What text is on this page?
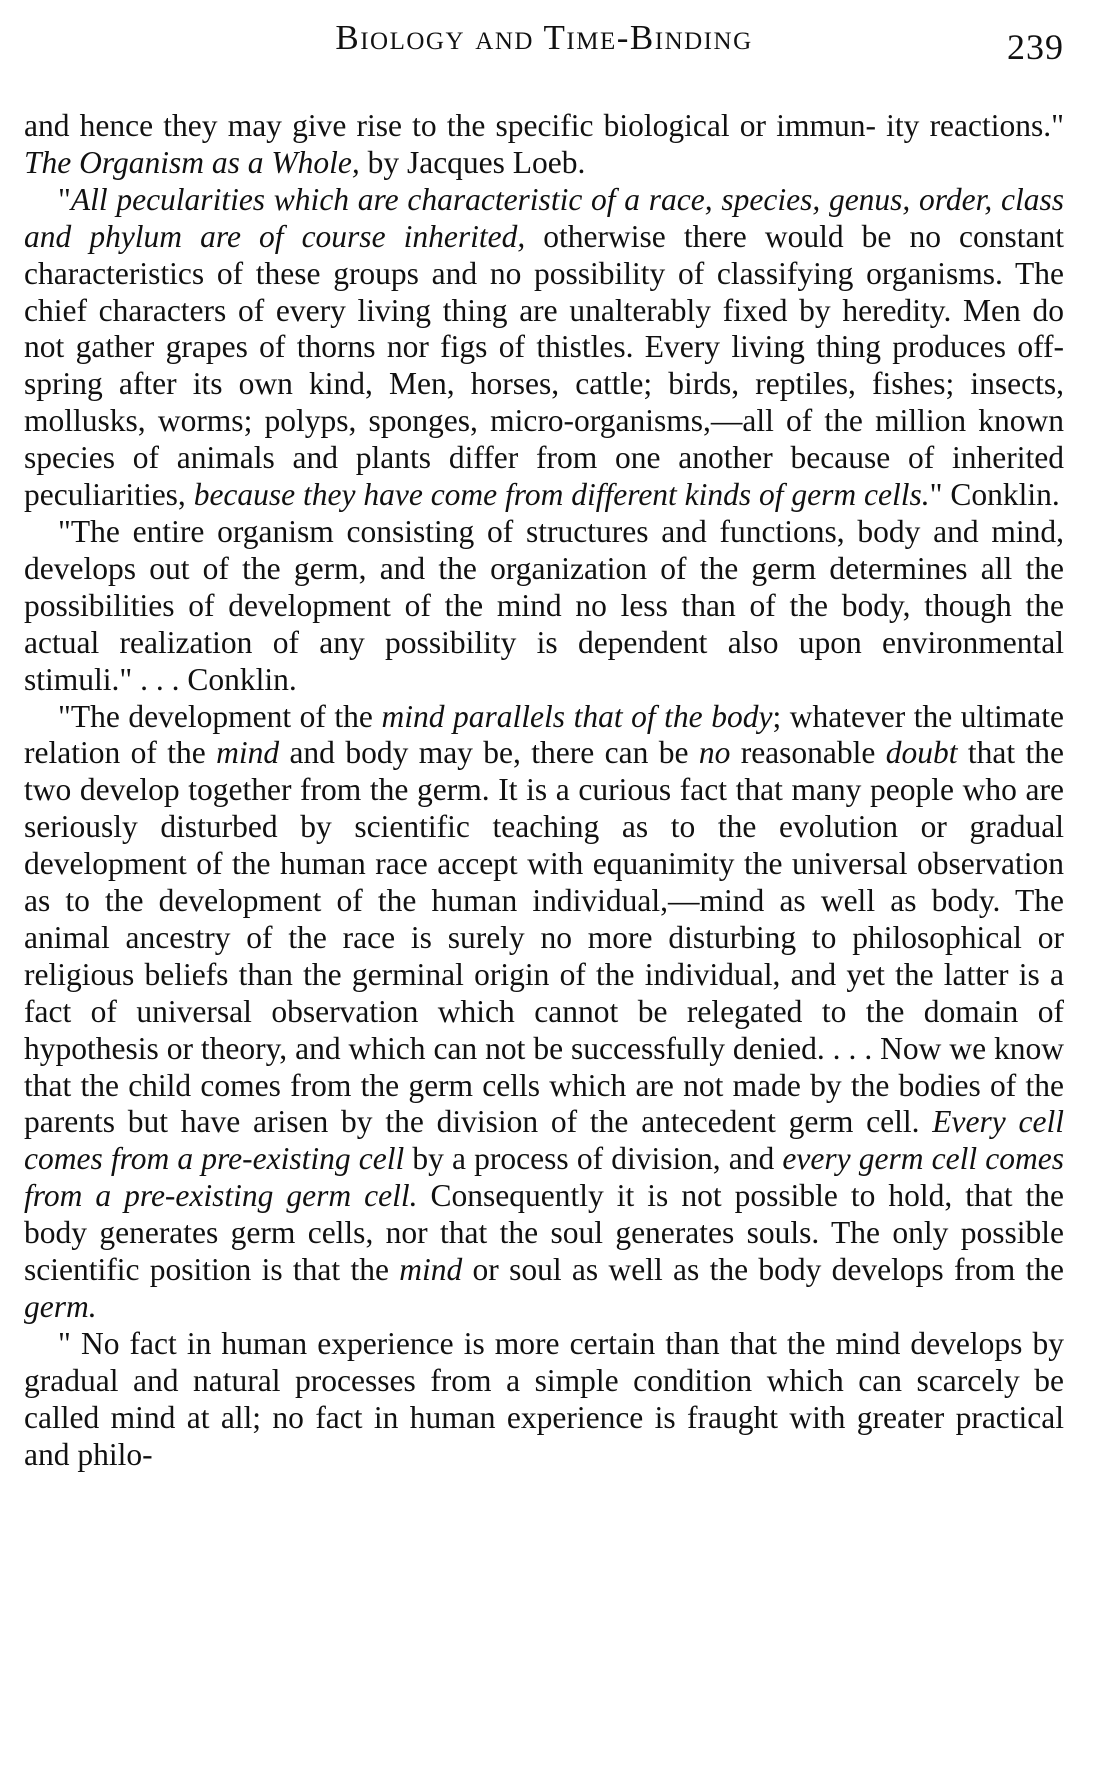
Biology and Time-Binding	239

and hence they may give rise to the specific biological or immun- ity reactions." The Organism as a Whole, by Jacques Loeb.

"All pecularities which are characteristic of a race, species, genus, order, class and phylum are of course inherited, otherwise there would be no constant characteristics of these groups and no possibility of classifying organisms. The chief characters of every living thing are unalterably fixed by heredity. Men do not gather grapes of thorns nor figs of thistles. Every living thing produces off-spring after its own kind, Men, horses, cattle; birds, reptiles, fishes; insects, mollusks, worms; polyps, sponges, micro-organisms,—all of the million known species of animals and plants differ from one another because of inherited peculiarities, because they have come from different kinds of germ cells." Conklin.

"The entire organism consisting of structures and functions, body and mind, develops out of the germ, and the organization of the germ determines all the possibilities of development of the mind no less than of the body, though the actual realization of any possibility is dependent also upon environmental stimuli." . . . Conklin.

"The development of the mind parallels that of the body; whatever the ultimate relation of the mind and body may be, there can be no reasonable doubt that the two develop together from the germ. It is a curious fact that many people who are seriously disturbed by scientific teaching as to the evolution or gradual development of the human race accept with equanimity the universal observation as to the development of the human individual,—mind as well as body. The animal ancestry of the race is surely no more disturbing to philosophical or religious beliefs than the germinal origin of the individual, and yet the latter is a fact of universal observation which cannot be relegated to the domain of hypothesis or theory, and which can not be successfully denied. . . . Now we know that the child comes from the germ cells which are not made by the bodies of the parents but have arisen by the division of the antecedent germ cell. Every cell comes from a pre-existing cell by a process of division, and every germ cell comes from a pre-existing germ cell. Consequently it is not possible to hold, that the body generates germ cells, nor that the soul generates souls. The only possible scientific position is that the mind or soul as well as the body develops from the germ.

" No fact in human experience is more certain than that the mind develops by gradual and natural processes from a simple condition which can scarcely be called mind at all; no fact in human experience is fraught with greater practical and philo-
